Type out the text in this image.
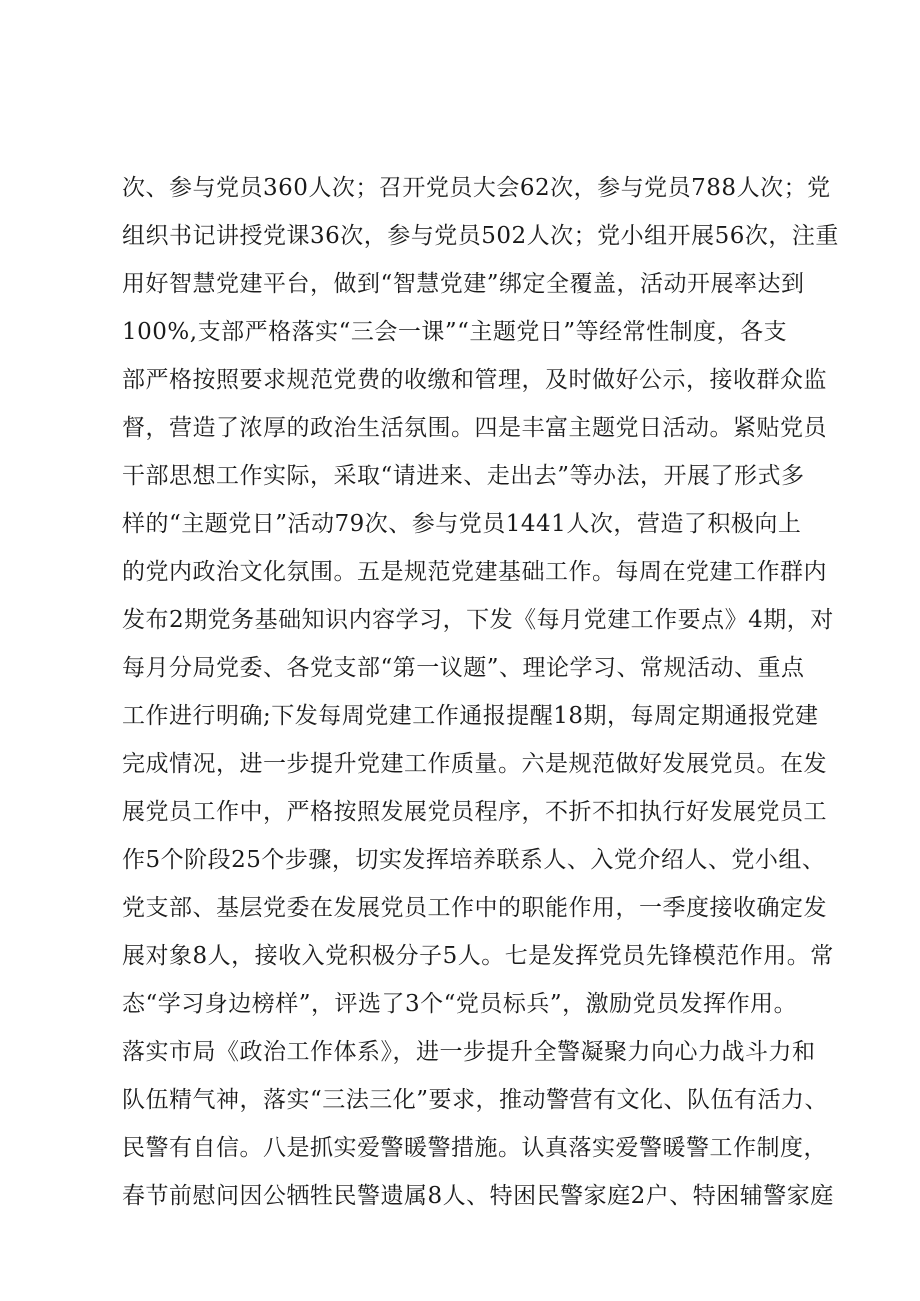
次、参与党员360人次；召开党员大会62次，参与党员788人次；党
组织书记讲授党课36次，参与党员502人次；党小组开展56次，注重
用好智慧党建平台，做到“智慧党建”绑定全覆盖，活动开展率达到
100%,支部严格落实“三会一课”“主题党日”等经常性制度，各支
部严格按照要求规范党费的收缴和管理，及时做好公示，接收群众监
督，营造了浓厚的政治生活氛围。四是丰富主题党日活动。紧贴党员
干部思想工作实际，采取“请进来、走出去”等办法，开展了形式多
样的“主题党日”活动79次、参与党员1441人次，营造了积极向上
的党内政治文化氛围。五是规范党建基础工作。每周在党建工作群内
发布2期党务基础知识内容学习，下发《每月党建工作要点》4期，对
每月分局党委、各党支部“第一议题”、理论学习、常规活动、重点
工作进行明确;下发每周党建工作通报提醒18期，每周定期通报党建
完成情况，进一步提升党建工作质量。六是规范做好发展党员。在发
展党员工作中，严格按照发展党员程序，不折不扣执行好发展党员工
作5个阶段25个步骤，切实发挥培养联系人、入党介绍人、党小组、
党支部、基层党委在发展党员工作中的职能作用，一季度接收确定发
展对象8人，接收入党积极分子5人。七是发挥党员先锋模范作用。常
态“学习身边榜样”，评选了3个“党员标兵”，激励党员发挥作用。
落实市局《政治工作体系》，进一步提升全警凝聚力向心力战斗力和
队伍精气神，落实“三法三化”要求，推动警营有文化、队伍有活力、
民警有自信。八是抓实爱警暖警措施。认真落实爱警暖警工作制度，
春节前慰问因公牺牲民警遗属8人、特困民警家庭2户、特困辅警家庭
